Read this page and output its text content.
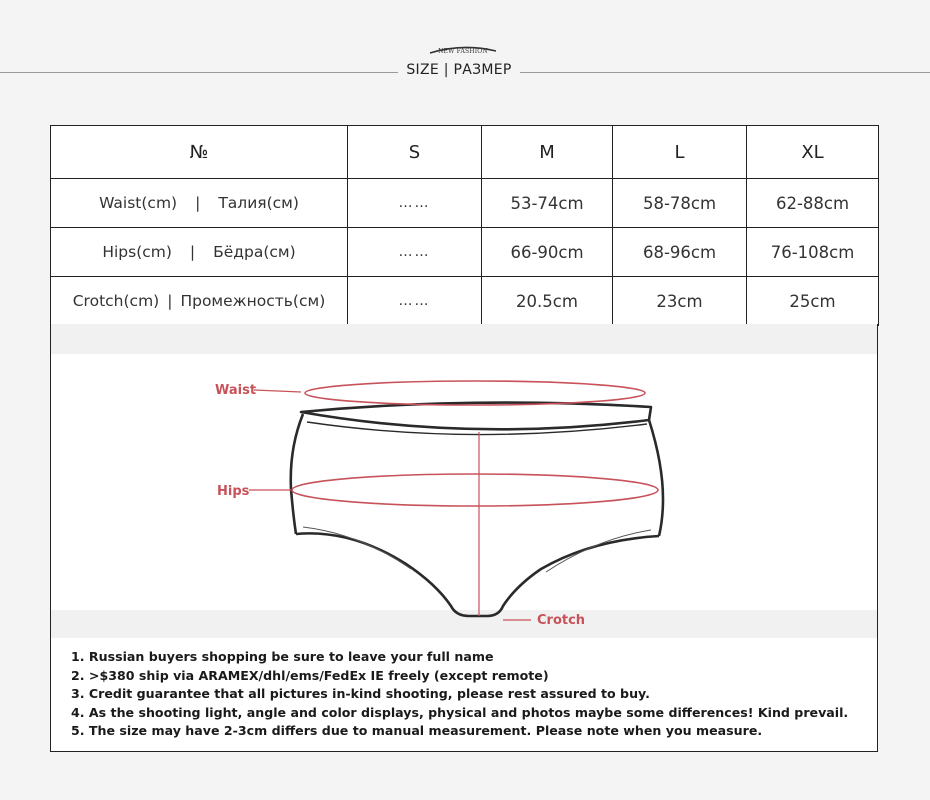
NEW FASHION
SIZE | РАЗМЕР
№	S	M	L	XL
Waist(cm) | Талия(см)	……	53-74cm	58-78cm	62-88cm
Hips(cm) | Бёдра(см)	……	66-90cm	68-96cm	76-108cm
Crotch(cm) | Промежность(см)	……	20.5cm	23cm	25cm
Waist
Hips
Crotch
1. Russian buyers shopping be sure to leave your full name
2. >$380 ship via ARAMEX/dhl/ems/FedEx IE freely (except remote)
3. Credit guarantee that all pictures in-kind shooting, please rest assured to buy.
4. As the shooting light, angle and color displays, physical and photos maybe some differences! Kind prevail.
5. The size may have 2-3cm differs due to manual measurement. Please note when you measure.
